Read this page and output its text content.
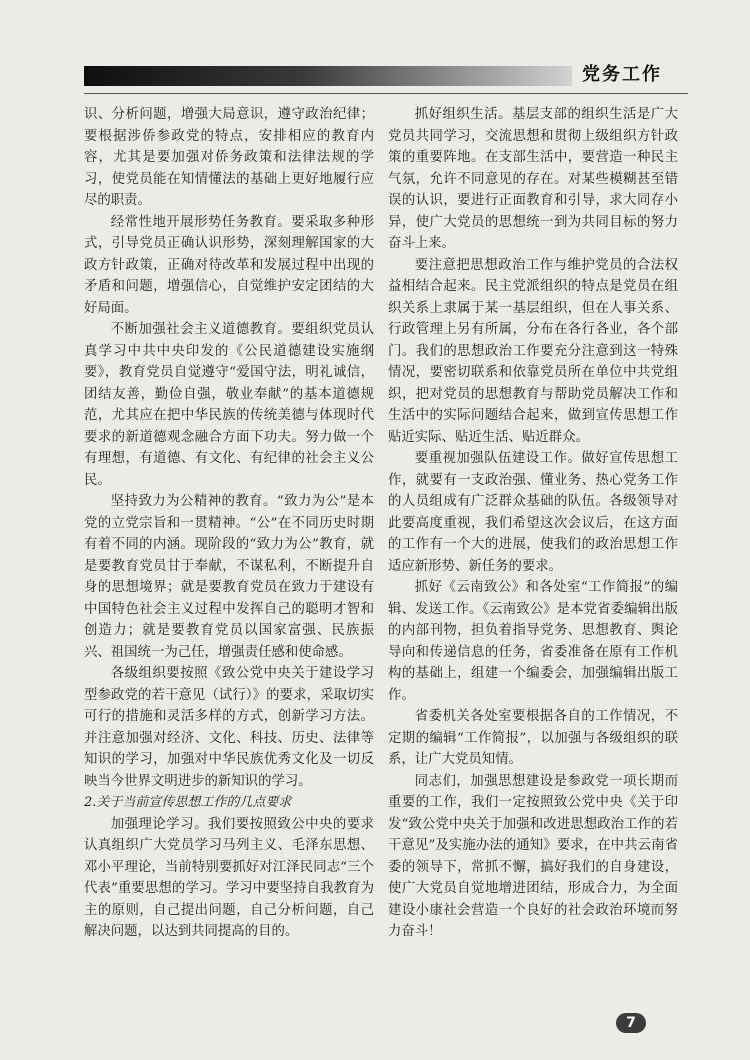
党务工作

识、分析问题，增强大局意识，遵守政治纪律；要根据涉侨参政党的特点，安排相应的教育内容，尤其是要加强对侨务政策和法律法规的学习，使党员能在知情懂法的基础上更好地履行应尽的职责。

经常性地开展形势任务教育。要采取多种形式，引导党员正确认识形势，深刻理解国家的大政方针政策，正确对待改革和发展过程中出现的矛盾和问题，增强信心，自觉维护安定团结的大好局面。

不断加强社会主义道德教育。要组织党员认真学习中共中央印发的《公民道德建设实施纲要》，教育党员自觉遵守“爱国守法，明礼诚信，团结友善，勤俭自强，敬业奉献”的基本道德规范，尤其应在把中华民族的传统美德与体现时代要求的新道德观念融合方面下功夫。努力做一个有理想，有道德、有文化、有纪律的社会主义公民。

坚持致力为公精神的教育。“致力为公”是本党的立党宗旨和一贯精神。“公”在不同历史时期有着不同的内涵。现阶段的“致力为公”教育，就是要教育党员甘于奉献，不谋私利，不断提升自身的思想境界；就是要教育党员在致力于建设有中国特色社会主义过程中发挥自己的聪明才智和创造力；就是要教育党员以国家富强、民族振兴、祖国统一为己任，增强责任感和使命感。

各级组织要按照《致公党中央关于建设学习型参政党的若干意见（试行）》的要求，采取切实可行的措施和灵活多样的方式，创新学习方法。并注意加强对经济、文化、科技、历史、法律等知识的学习，加强对中华民族优秀文化及一切反映当今世界文明进步的新知识的学习。

2.关于当前宣传思想工作的几点要求

加强理论学习。我们要按照致公中央的要求认真组织广大党员学习马列主义、毛泽东思想、邓小平理论，当前特别要抓好对江泽民同志“三个代表”重要思想的学习。学习中要坚持自我教育为主的原则，自己提出问题，自己分析问题，自己解决问题，以达到共同提高的目的。

抓好组织生活。基层支部的组织生活是广大党员共同学习，交流思想和贯彻上级组织方针政策的重要阵地。在支部生活中，要营造一种民主气氛，允许不同意见的存在。对某些模糊甚至错误的认识，要进行正面教育和引导，求大同存小异，使广大党员的思想统一到为共同目标的努力奋斗上来。

要注意把思想政治工作与维护党员的合法权益相结合起来。民主党派组织的特点是党员在组织关系上隶属于某一基层组织，但在人事关系、行政管理上另有所属，分布在各行各业，各个部门。我们的思想政治工作要充分注意到这一特殊情况，要密切联系和依靠党员所在单位中共党组织，把对党员的思想教育与帮助党员解决工作和生活中的实际问题结合起来，做到宣传思想工作贴近实际、贴近生活、贴近群众。

要重视加强队伍建设工作。做好宣传思想工作，就要有一支政治强、懂业务、热心党务工作的人员组成有广泛群众基础的队伍。各级领导对此要高度重视，我们希望这次会议后，在这方面的工作有一个大的进展，使我们的政治思想工作适应新形势、新任务的要求。

抓好《云南致公》和各处室“工作简报”的编辑、发送工作。《云南致公》是本党省委编辑出版的内部刊物，担负着指导党务、思想教育、舆论导向和传递信息的任务，省委准备在原有工作机构的基础上，组建一个编委会，加强编辑出版工作。

省委机关各处室要根据各自的工作情况，不定期的编辑“工作简报”，以加强与各级组织的联系，让广大党员知情。

同志们，加强思想建设是参政党一项长期而重要的工作，我们一定按照致公党中央《关于印发“致公党中央关于加强和改进思想政治工作的若干意见”及实施办法的通知》要求，在中共云南省委的领导下，常抓不懈，搞好我们的自身建设，使广大党员自觉地增进团结，形成合力，为全面建设小康社会营造一个良好的社会政治环境而努力奋斗！

7
